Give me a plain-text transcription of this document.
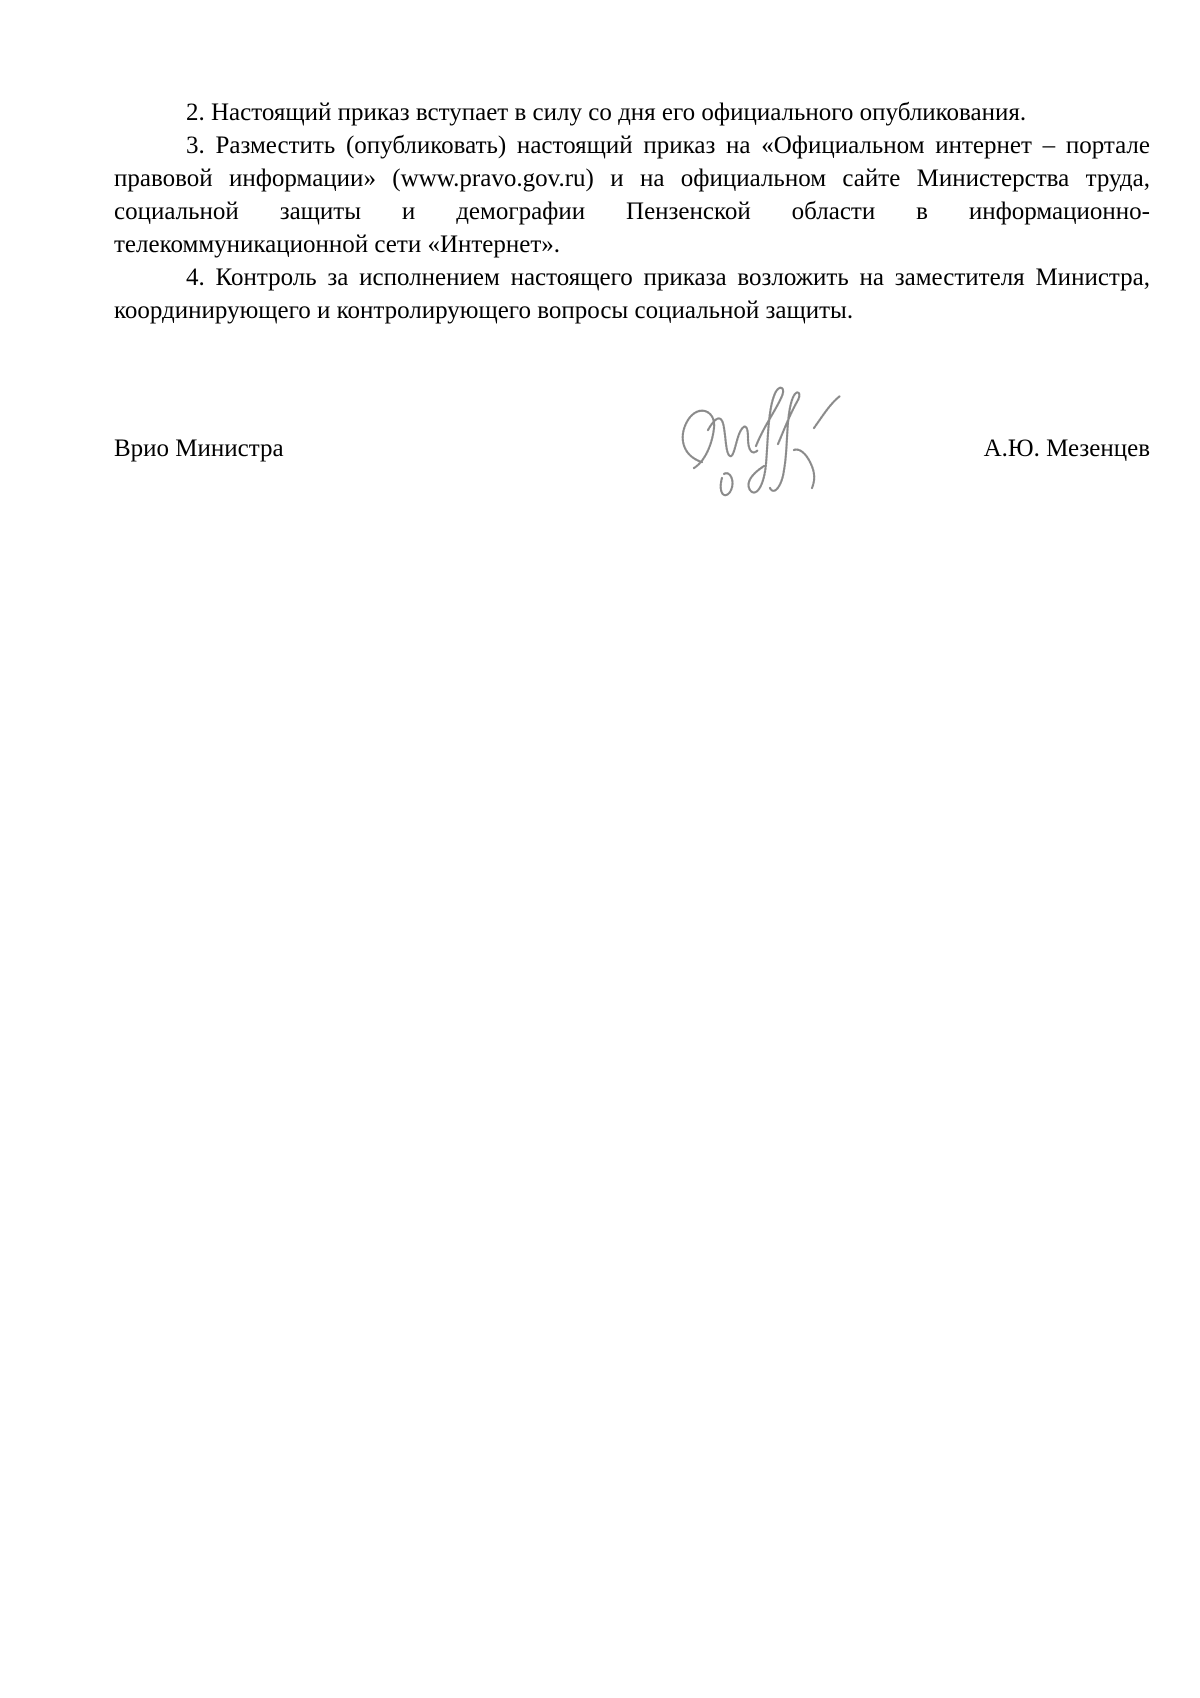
2. Настоящий приказ вступает в силу со дня его официального опубликования.

3. Разместить (опубликовать) настоящий приказ на «Официальном интернет – портале правовой информации» (www.pravo.gov.ru) и на официальном сайте Министерства труда, социальной защиты и демографии Пензенской области в информационно-телекоммуникационной сети «Интернет».

4. Контроль за исполнением настоящего приказа возложить на заместителя Министра, координирующего и контролирующего вопросы социальной защиты.

Врио Министра	А.Ю. Мезенцев
